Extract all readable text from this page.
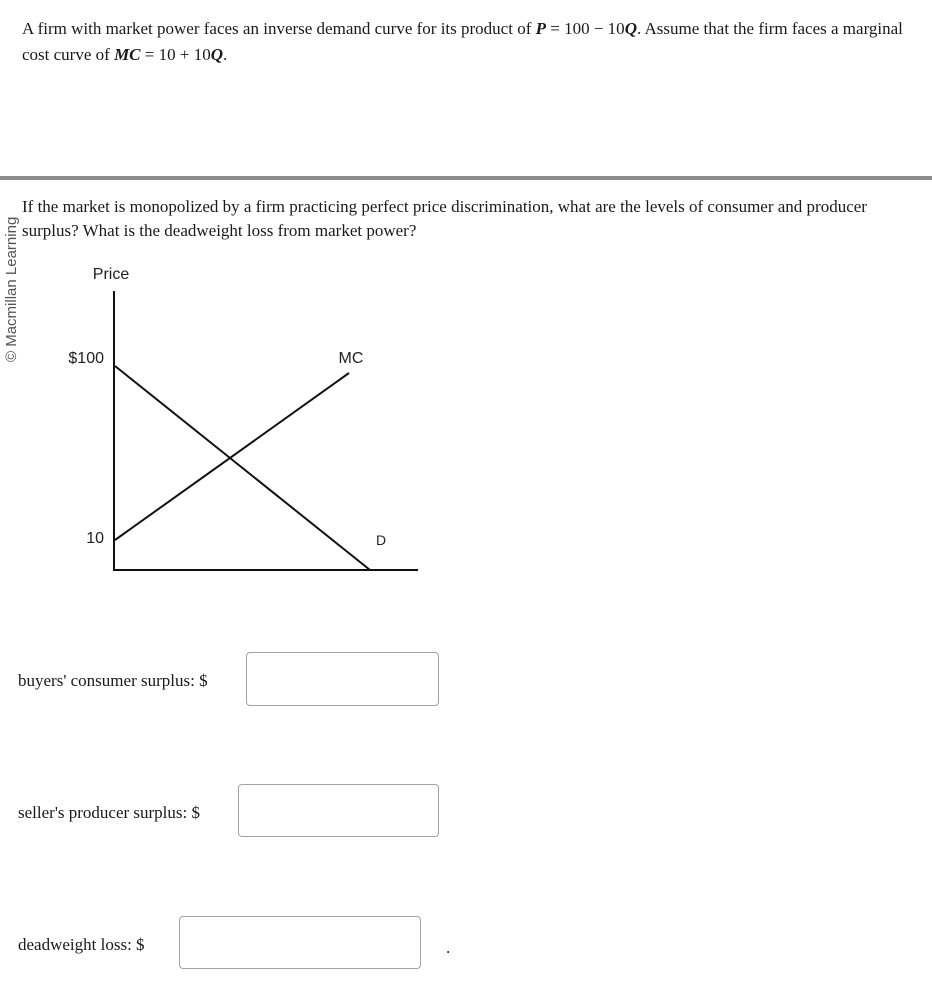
A firm with market power faces an inverse demand curve for its product of P = 100 − 10Q. Assume that the firm faces a marginal cost curve of MC = 10 + 10Q.
© Macmillan Learning
If the market is monopolized by a firm practicing perfect price discrimination, what are the levels of consumer and producer surplus? What is the deadweight loss from market power?
Price
$100
10
MC
D
buyers' consumer surplus: $
seller's producer surplus: $
deadweight loss: $	.
